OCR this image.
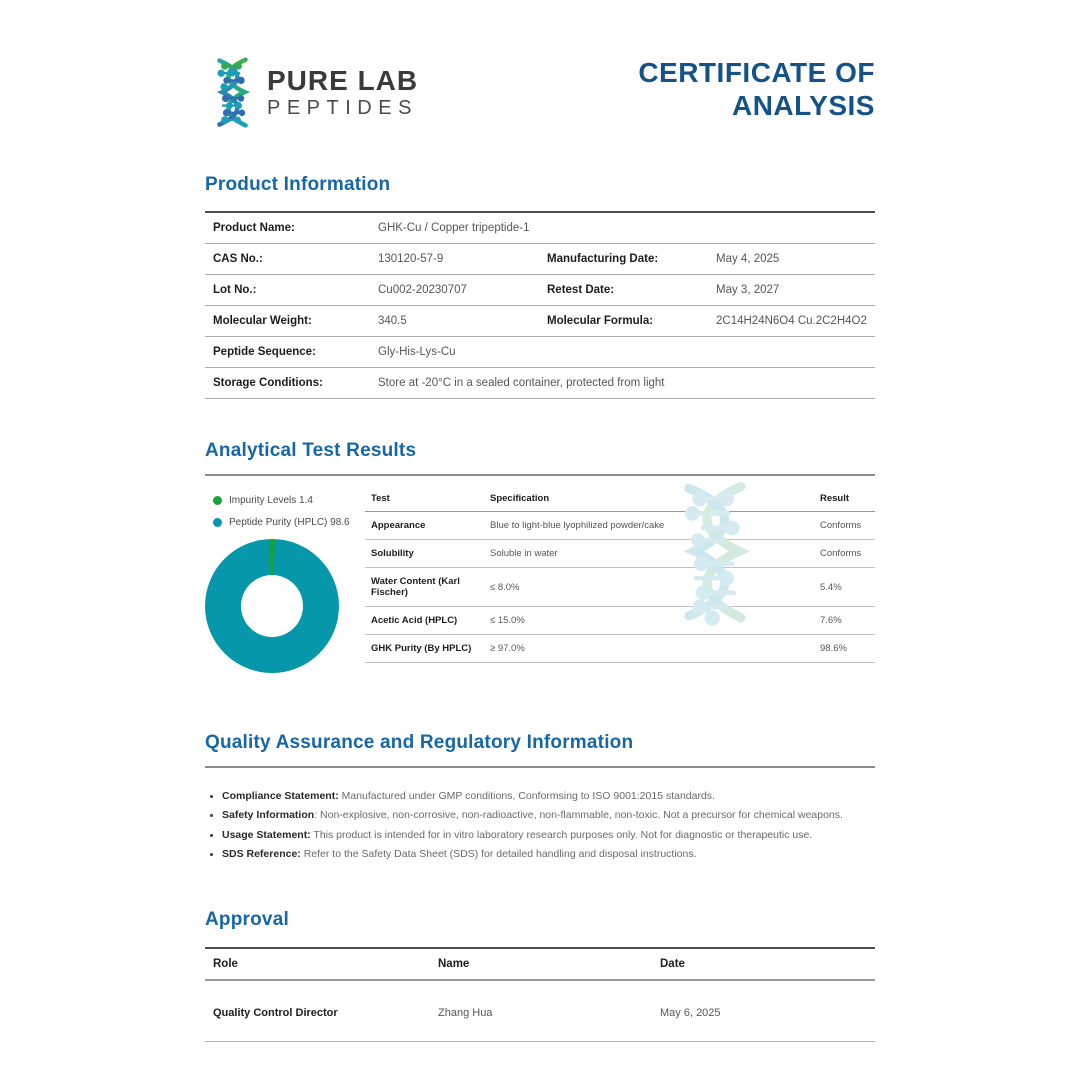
PURE LAB
PEPTIDES
CERTIFICATE OF ANALYSIS
Product Information
Product Name:	GHK-Cu / Copper tripeptide-1		
CAS No.:	130120-57-9	Manufacturing Date:	May 4, 2025
Lot No.:	Cu002-20230707	Retest Date:	May 3, 2027
Molecular Weight:	340.5	Molecular Formula:	2C14H24N6O4 Cu.2C2H4O2
Peptide Sequence:	Gly-His-Lys-Cu		
Storage Conditions:	Store at -20°C in a sealed container, protected from light		
Analytical Test Results
Impurity Levels 1.4
Peptide Purity (HPLC) 98.6
Test	Specification	Result
Appearance	Blue to light-blue lyophilized powder/cake	Conforms
Solubility	Soluble in water	Conforms
Water Content (Karl Fischer)	≤ 8.0%	5.4%
Acetic Acid (HPLC)	≤ 15.0%	7.6%
GHK Purity (By HPLC)	≥ 97.0%	98.6%
Quality Assurance and Regulatory Information
• Compliance Statement: Manufactured under GMP conditions, Conformsing to ISO 9001:2015 standards.
• Safety Information: Non-explosive, non-corrosive, non-radioactive, non-flammable, non-toxic. Not a precursor for chemical weapons.
• Usage Statement: This product is intended for in vitro laboratory research purposes only. Not for diagnostic or therapeutic use.
• SDS Reference: Refer to the Safety Data Sheet (SDS) for detailed handling and disposal instructions.
Approval
Role	Name	Date
Quality Control Director	Zhang Hua	May 6, 2025
